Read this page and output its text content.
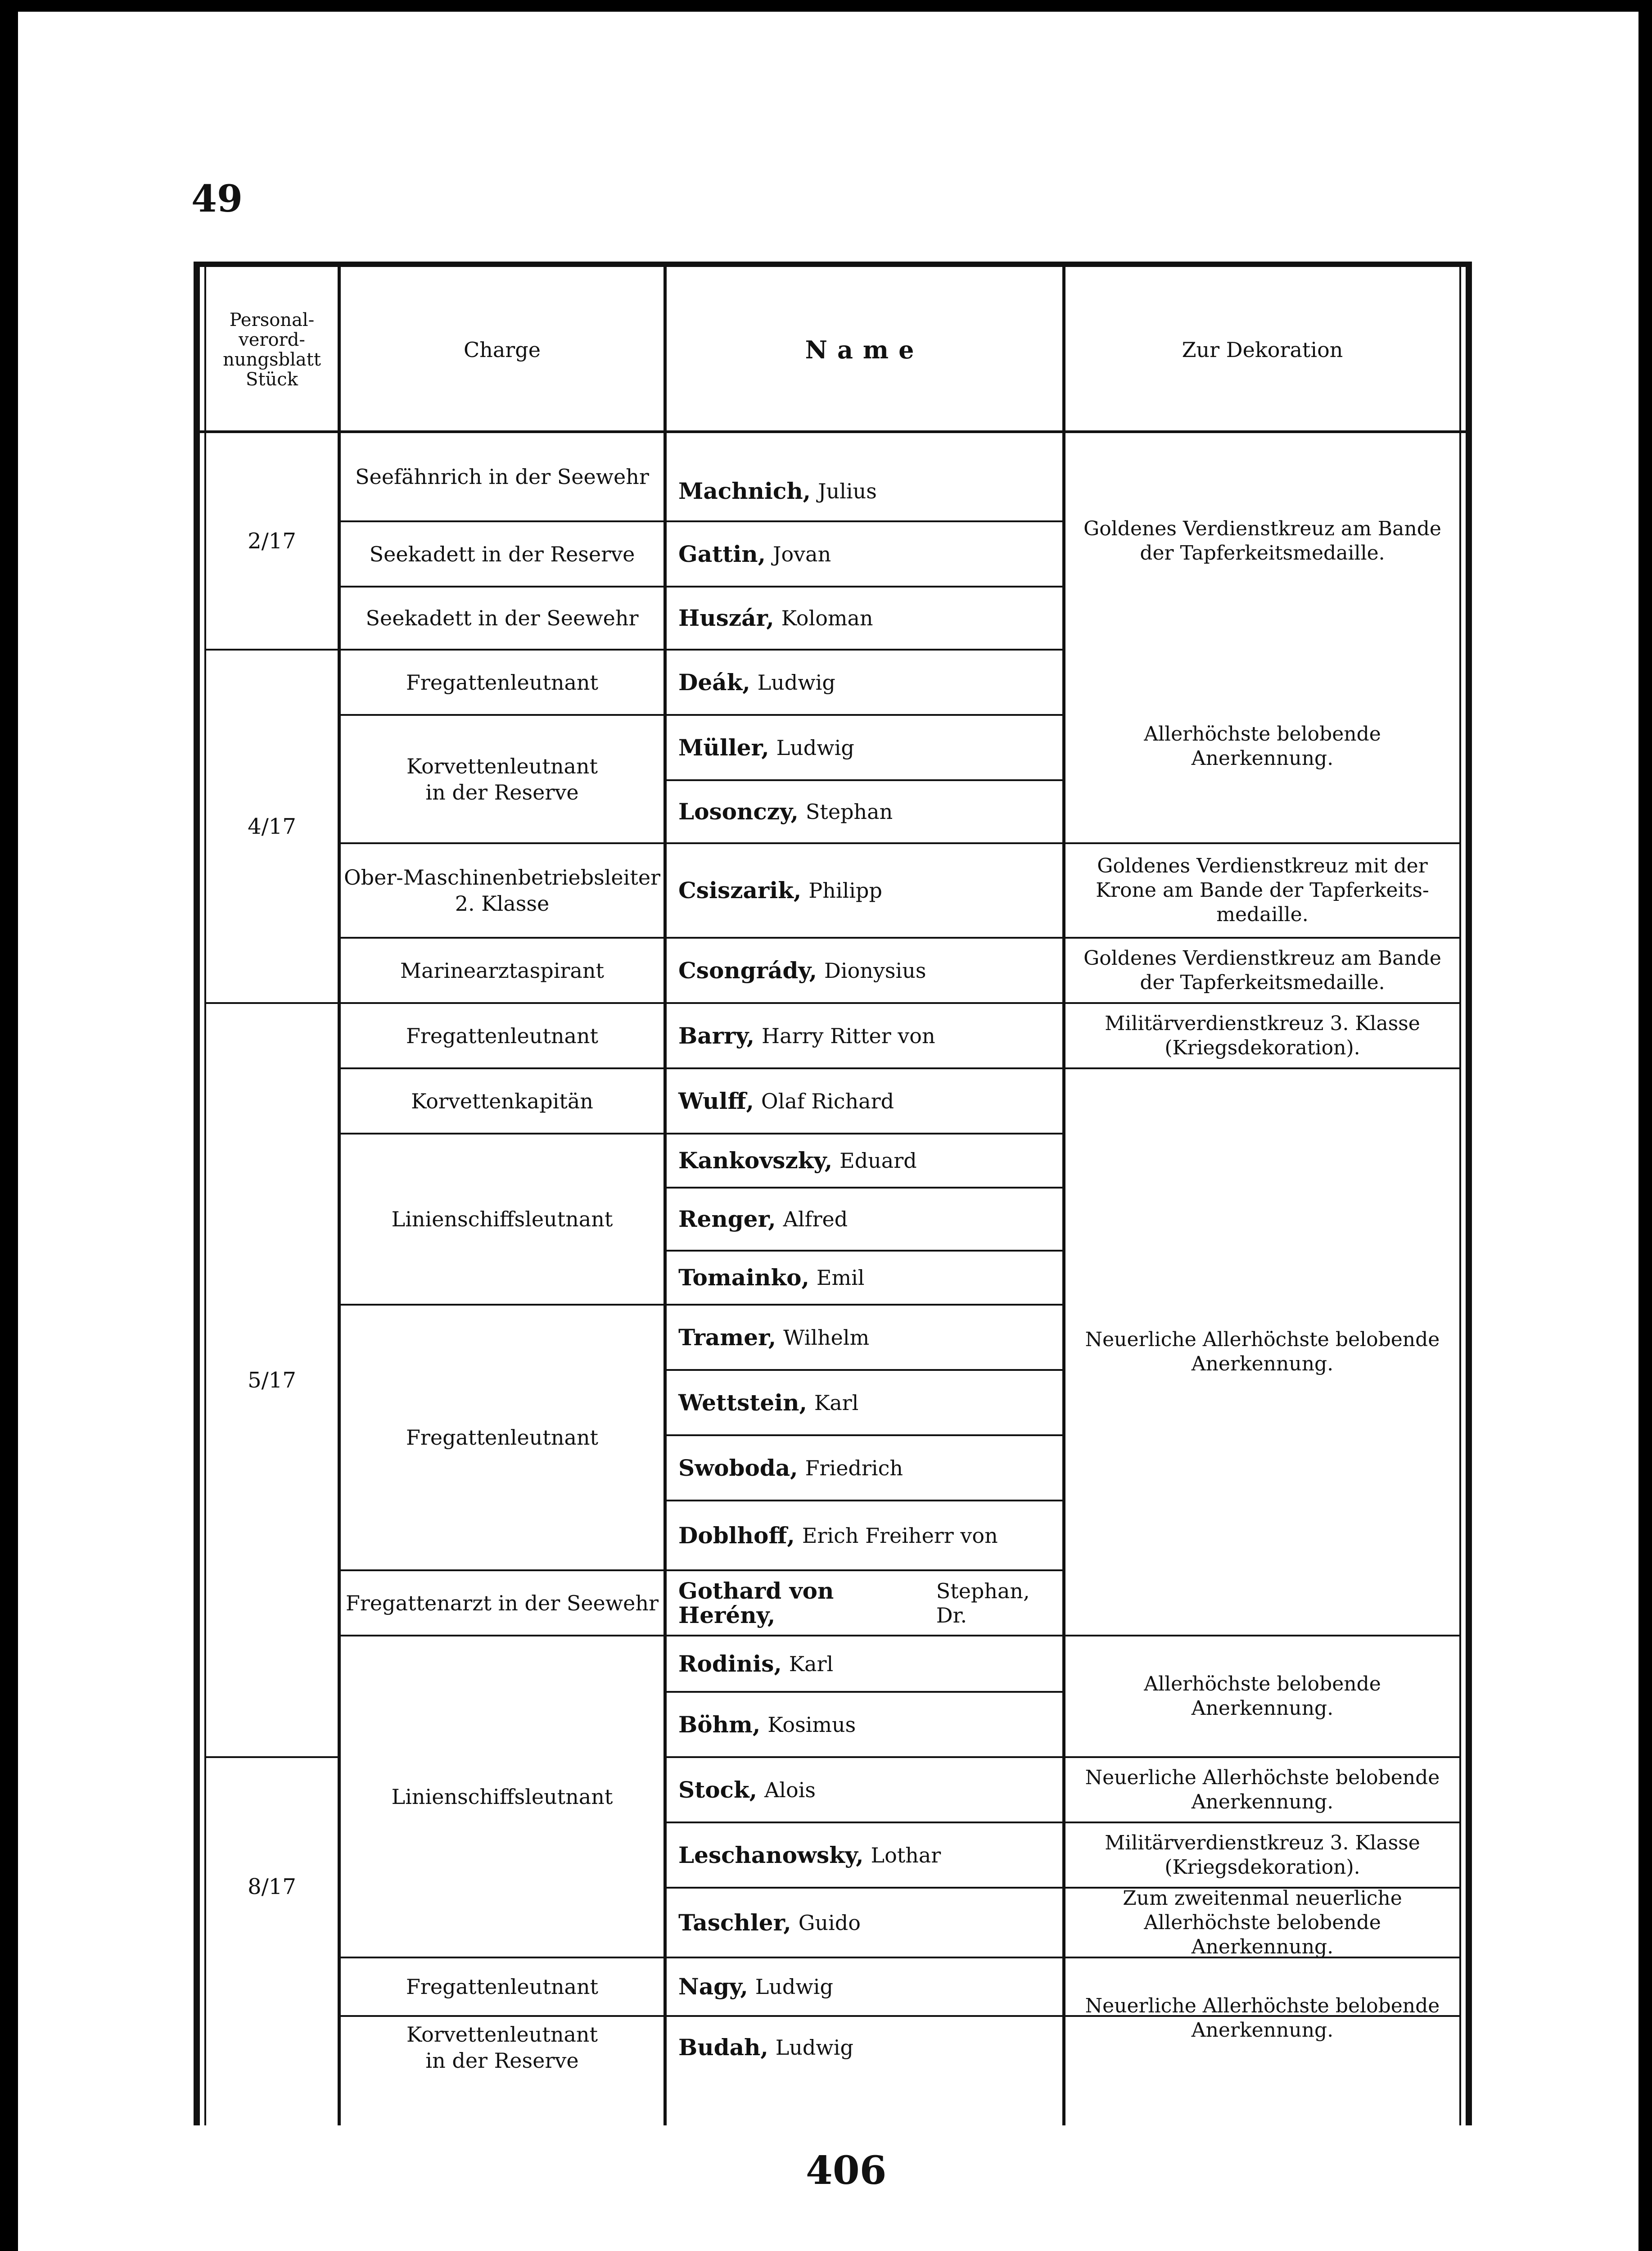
49
Personal-
verord-
nungsblatt
Stück
Charge	Name	Zur Dekoration
2/17
4/17
5/17
8/17
Seefähnrich in der Seewehr
Seekadett in der Reserve
Seekadett in der Seewehr
Fregattenleutnant
Korvettenleutnant
in der Reserve
Ober-Maschinenbetriebsleiter
2. Klasse
Marinearztaspirant
Fregattenleutnant
Korvettenkapitän
Linienschiffsleutnant
Fregattenleutnant
Fregattenarzt in der Seewehr
Linienschiffsleutnant
Fregattenleutnant
Korvettenleutnant
in der Reserve
Machnich, Julius
Gattin, Jovan
Huszár, Koloman
Deák, Ludwig
Müller, Ludwig
Losonczy, Stephan
Csiszarik, Philipp
Csongrády, Dionysius
Barry, Harry Ritter von
Wulff, Olaf Richard
Kankovszky, Eduard
Renger, Alfred
Tomainko, Emil
Tramer, Wilhelm
Wettstein, Karl
Swoboda, Friedrich
Doblhoff, Erich Freiherr von
Gothard von Herény,
Stephan, Dr.
Rodinis, Karl
Böhm, Kosimus
Stock, Alois
Leschanowsky, Lothar
Taschler, Guido
Nagy, Ludwig
Budah, Ludwig
Goldenes Verdienstkreuz am Bande
der Tapferkeitsmedaille.
Allerhöchste belobende Anerkennung.
Goldenes Verdienstkreuz mit der
Krone am Bande der Tapferkeits-
medaille.
Goldenes Verdienstkreuz am Bande
der Tapferkeitsmedaille.
Militärverdienstkreuz 3. Klasse
(Kriegsdekoration).
Neuerliche Allerhöchste belobende
Anerkennung.
Allerhöchste belobende Anerkennung.
Neuerliche Allerhöchste belobende
Anerkennung.
Militärverdienstkreuz 3. Klasse
(Kriegsdekoration).
Zum zweitenmal neuerliche
Allerhöchste belobende Anerkennung.
Neuerliche Allerhöchste belobende
Anerkennung.
406
